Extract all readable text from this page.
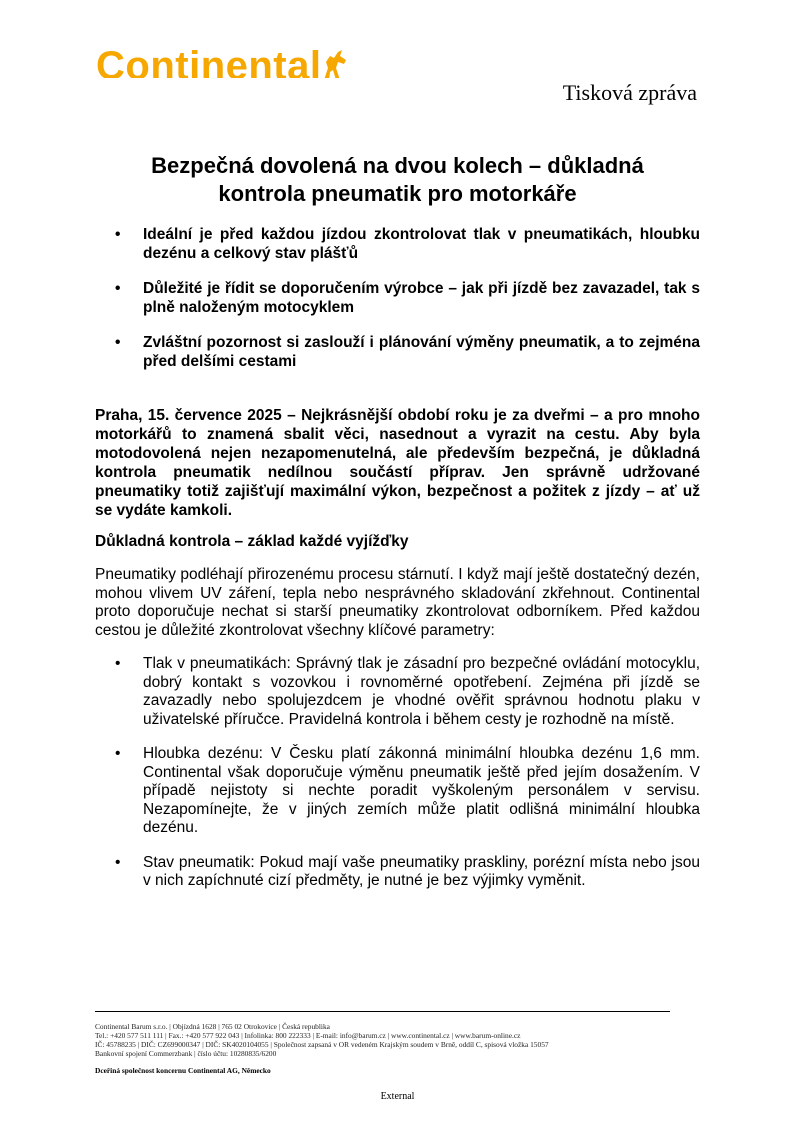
Continental
Tisková zpráva
Bezpečná dovolená na dvou kolech – důkladná
kontrola pneumatik pro motorkáře
• Ideální je před každou jízdou zkontrolovat tlak v pneumatikách, hloubku dezénu a celkový stav plášťů
• Důležité je řídit se doporučením výrobce – jak při jízdě bez zavazadel, tak s plně naloženým motocyklem
• Zvláštní pozornost si zaslouží i plánování výměny pneumatik, a to zejména před delšími cestami

Praha, 15. července 2025 – Nejkrásnější období roku je za dveřmi – a pro mnoho motorkářů to znamená sbalit věci, nasednout a vyrazit na cestu. Aby byla motodovolená nejen nezapomenutelná, ale především bezpečná, je důkladná kontrola pneumatik nedílnou součástí příprav. Jen správně udržované pneumatiky totiž zajišťují maximální výkon, bezpečnost a požitek z jízdy – ať už se vydáte kamkoli.

Důkladná kontrola – základ každé vyjížďky

Pneumatiky podléhají přirozenému procesu stárnutí. I když mají ještě dostatečný dezén, mohou vlivem UV záření, tepla nebo nesprávného skladování zkřehnout. Continental proto doporučuje nechat si starší pneumatiky zkontrolovat odborníkem. Před každou cestou je důležité zkontrolovat všechny klíčové parametry:

• Tlak v pneumatikách: Správný tlak je zásadní pro bezpečné ovládání motocyklu, dobrý kontakt s vozovkou i rovnoměrné opotřebení. Zejména při jízdě se zavazadly nebo spolujezdcem je vhodné ověřit správnou hodnotu plaku v uživatelské příručce. Pravidelná kontrola i během cesty je rozhodně na místě.
• Hloubka dezénu: V Česku platí zákonná minimální hloubka dezénu 1,6 mm. Continental však doporučuje výměnu pneumatik ještě před jejím dosažením. V případě nejistoty si nechte poradit vyškoleným personálem v servisu. Nezapomínejte, že v jiných zemích může platit odlišná minimální hloubka dezénu.
• Stav pneumatik: Pokud mají vaše pneumatiky praskliny, porézní místa nebo jsou v nich zapíchnuté cizí předměty, je nutné je bez výjimky vyměnit.
Continental Barum s.r.o. | Objízdná 1628 | 765 02 Otrokovice | Česká republika
Tel.: +420 577 511 111 | Fax.: +420 577 922 043 | Infolinka: 800 222333 | E-mail: info@barum.cz | www.continental.cz | www.barum-online.cz
IČ: 45788235 | DIČ: CZ699000347 | DIČ: SK4020104055 | Společnost zapsaná v OR vedeném Krajským soudem v Brně, oddíl C, spisová vložka 15057
Bankovní spojení Commerzbank | číslo účtu: 10280835/6200
Dceřiná společnost koncernu Continental AG, Německo
External
